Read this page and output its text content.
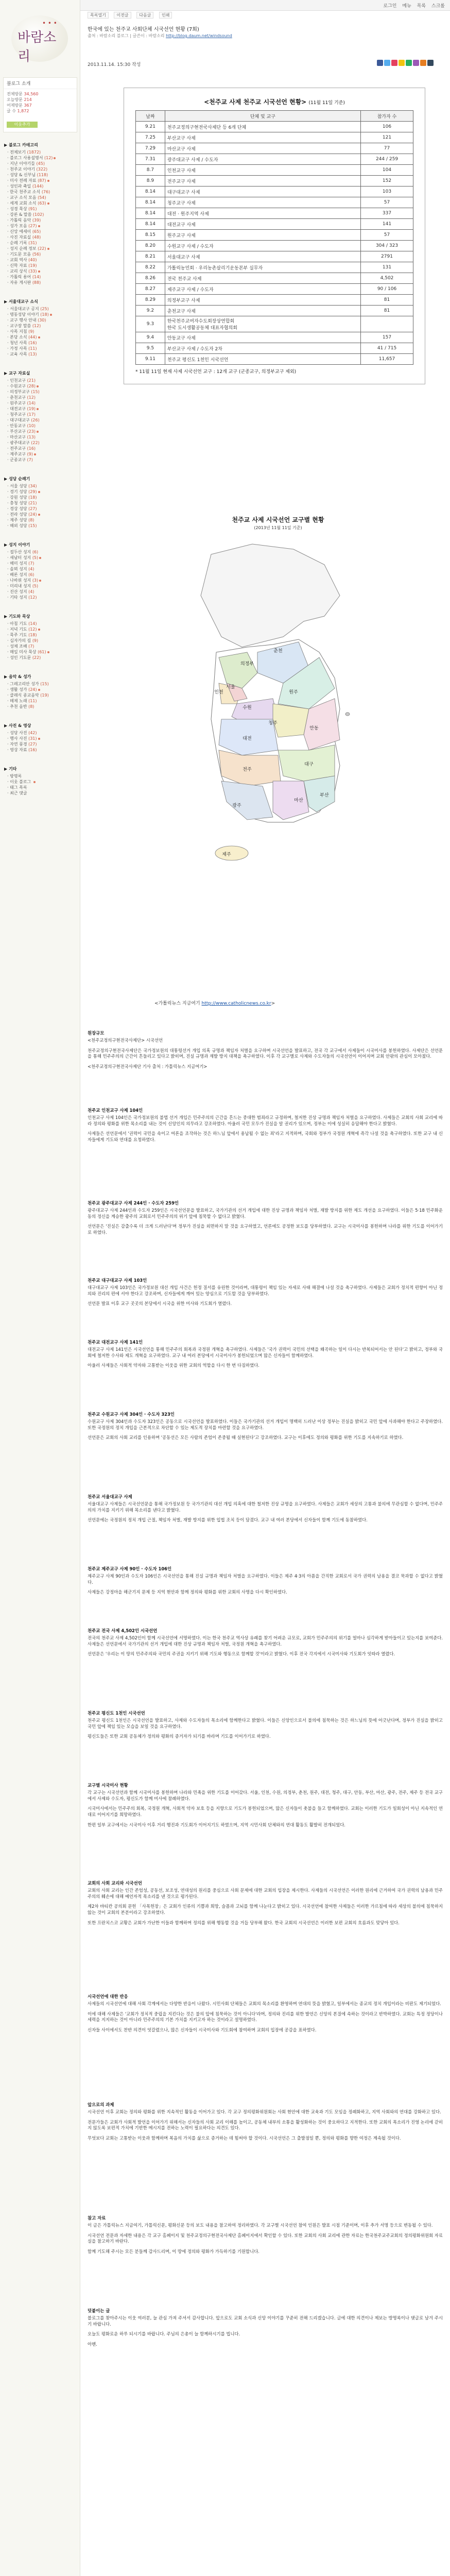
로그인 메뉴 목록 스크롤
바람소리
• • •
블로그 소개
전체방문 34,560
오늘방문 214
어제방문 367
글 수 1,872
이웃추가
▶ 블로그 카테고리
· 전체보기 (1872)
· 블로그 사용설명서 (12)
· 지난 이야기들 (45)
· 천주교 이야기 (322)
· 성당 & 신부님 (118)
· 미사 전례 자료 (87)
· 성인과 축일 (144)
· 한국 천주교 소식 (76)
· 교구 소식 모음 (54)
· 세계 교회 소식 (63)
· 성경 묵상 (91)
· 강론 & 말씀 (102)
· 가톨릭 음악 (39)
· 성가 모음 (27)
· 신앙 에세이 (65)
· 사진 자료실 (48)
· 순례 기록 (31)
· 성지 순례 정보 (22)
· 기도문 모음 (56)
· 교회 역사 (40)
· 신학 자료 (19)
· 교리 상식 (33)
· 가톨릭 용어 (14)
· 자유 게시판 (88)
▶ 서울대교구 소식
· 서울대교구 공지 (25)
· 명동성당 이야기 (18)
· 교구 행사 안내 (30)
· 교구장 말씀 (12)
· 사목 지침 (9)
· 본당 소식 (44)
· 청년 사목 (16)
· 가정 사목 (11)
· 교육 사목 (13)
▶ 교구 자료실
· 인천교구 (21)
· 수원교구 (28)
· 의정부교구 (15)
· 춘천교구 (12)
· 원주교구 (14)
· 대전교구 (19)
· 청주교구 (17)
· 대구대교구 (26)
· 안동교구 (10)
· 부산교구 (23)
· 마산교구 (13)
· 광주대교구 (22)
· 전주교구 (16)
· 제주교구 (9)
· 군종교구 (7)
▶ 성당 순례기
· 서울 성당 (34)
· 경기 성당 (29)
· 강원 성당 (18)
· 충청 성당 (21)
· 경상 성당 (27)
· 전라 성당 (24)
· 제주 성당 (8)
· 해외 성당 (15)
▶ 성지 이야기
· 절두산 성지 (6)
· 새남터 성지 (5)
· 해미 성지 (7)
· 솔뫼 성지 (4)
· 배론 성지 (6)
· 나바위 성지 (3)
· 미리내 성지 (5)
· 진산 성지 (4)
· 기타 성지 (12)
▶ 기도와 묵상
· 아침 기도 (14)
· 저녁 기도 (12)
· 묵주 기도 (18)
· 십자가의 길 (9)
· 성체 조배 (7)
· 매일 미사 묵상 (61)
· 성인 기도문 (22)
▶ 음악 & 성가
· 그레고리안 성가 (15)
· 생활 성가 (24)
· 클래식 종교음악 (19)
· 떼제 노래 (11)
· 추천 음반 (8)
▶ 사진 & 영상
· 성당 사진 (42)
· 행사 사진 (31)
· 자연 풍경 (27)
· 영상 자료 (16)
▶ 기타
· 방명록
· 이웃 블로그
· 태그 목록
· 최근 댓글
목록열기	이전글	다음글	인쇄
한국에 있는 천주교 사회단체 시국선언 현황 (7회)
출처 : 바람소리 블로그 | 글쓴이 : 바람소리 http://blog.daum.net/windsound
2013.11.14. 15:30 작성
<천주교 사제 천주교 시국선언 현황> (11월 11일 기준)
날짜	단체 및 교구	참가자 수
9.21	천주교정의구현전국사제단 등 6개 단체	106
7.25	부산교구 사제	121
7.29	마산교구 사제	77
7.31	광주대교구 사제 / 수도자	244 / 259
8.7	인천교구 사제	104
8.9	전주교구 사제	152
8.14	대구대교구 사제	103
8.14	청주교구 사제	57
8.14	대전 · 원주지역 사제	337
8.14	대전교구 사제	141
8.15	원주교구 사제	57
8.20	수원교구 사제 / 수도자	304 / 323
8.21	서울대교구 사제	2791
8.22	가톨릭농민회 · 우리농촌살리기운동본부 실무자	131
8.26	전국 천주교 사제	4,502
8.27	제주교구 사제 / 수도자	90 / 106
8.29	의정부교구 사제	81
9.2	춘천교구 사제	81
9.3	한국천주교여자수도회장상연합회
한국 도시생활공동체 대표자협의회	
9.4	안동교구 사제	157
9.5	부산교구 사제 / 수도자 2차	41 / 715
9.11	천주교 평신도 1천인 시국선언	11,657
* 11월 11일 현재 사제 시국선언 교구 : 12개 교구 (군종교구, 의정부교구 제외)
천주교 사제 시국선언 교구별 현황
(2013년 11월 11일 기준)
서울
의정부
춘천
인천
수원
원주
대전
청주
안동
대구
전주
광주
마산
부산
제주
<가톨릭뉴스 지금여기 http://www.catholicnews.co.kr>
원장규모

<천주교정의구현전국사제단> 시국선언

천주교정의구현전국사제단은 국가정보원의 대통령선거 개입 의혹 규명과 책임자 처벌을 요구하며 시국선언을 발표하고, 전국 각 교구에서 사제들이 시국미사를 봉헌하였다. 사제단은 선언문을 통해 민주주의의 근간이 흔들리고 있다고 밝히며, 진실 규명과 재발 방지 대책을 촉구하였다. 이후 각 교구별로 사제와 수도자들의 시국선언이 이어지며 교회 안팎의 관심이 모아졌다.

<천주교정의구현전국사제단 기사 출처 : 가톨릭뉴스 지금여기>

천주교 인천교구 사제 104인

인천교구 사제 104인은 국가정보원의 불법 선거 개입은 민주주의의 근간을 흔드는 중대한 범죄라고 규정하며, 철저한 진상 규명과 책임자 처벌을 요구하였다. 사제들은 교회의 사회 교리에 따라 정의와 평화를 위한 목소리를 내는 것이 신앙인의 의무라고 강조하였다. 아울러 국민 모두가 진실을 알 권리가 있으며, 정부는 이에 성실히 응답해야 한다고 밝혔다.

사제들은 선언문에서 '권력이 국민을 속이고 여론을 조작하는 것은 하느님 앞에서 용납될 수 없는 죄'라고 지적하며, 국회와 정부가 국정원 개혁에 즉각 나설 것을 촉구하였다. 또한 교구 내 신자들에게 기도와 연대를 요청하였다.

천주교 광주대교구 사제 244인 · 수도자 259인

광주대교구 사제 244인과 수도자 259인은 시국선언문을 발표하고, 국가기관의 선거 개입에 대한 진상 규명과 책임자 처벌, 재발 방지를 위한 제도 개선을 요구하였다. 이들은 5·18 민주화운동의 정신을 계승한 광주의 교회로서 민주주의의 위기 앞에 침묵할 수 없다고 밝혔다.

선언문은 '진실은 감출수록 더 크게 드러난다'며 정부가 진실을 외면하지 말 것을 요구하였고, 언론에도 공정한 보도를 당부하였다. 교구는 시국미사를 봉헌하며 나라를 위한 기도를 이어가기로 하였다.

천주교 대구대교구 사제 103인

대구대교구 사제 103인은 국가정보원 대선 개입 사건은 헌정 질서를 유린한 것이라며, 대통령이 책임 있는 자세로 사태 해결에 나설 것을 촉구하였다. 사제들은 교회가 정치적 편향이 아닌 정의와 진리의 편에 서야 한다고 강조하며, 신자들에게 깨어 있는 양심으로 기도할 것을 당부하였다.

선언문 발표 이후 교구 곳곳의 본당에서 시국을 위한 미사와 기도회가 열렸다.

천주교 대전교구 사제 141인

대전교구 사제 141인은 시국선언을 통해 민주주의 회복과 국정원 개혁을 촉구하였다. 사제들은 '국가 권력이 국민의 선택을 왜곡하는 일이 다시는 반복되어서는 안 된다'고 밝히고, 정부와 국회에 철저한 수사와 제도 개혁을 요구하였다. 교구 내 여러 본당에서 시국미사가 봉헌되었으며 많은 신자들이 함께하였다.

아울러 사제들은 사회적 약자와 고통받는 이웃을 위한 교회의 역할을 다시 한 번 다짐하였다.

천주교 수원교구 사제 304인 · 수도자 323인

수원교구 사제 304인과 수도자 323인은 공동으로 시국선언을 발표하였다. 이들은 국가기관의 선거 개입이 명백히 드러난 이상 정부는 진실을 밝히고 국민 앞에 사과해야 한다고 주장하였다. 또한 국정원의 정치 개입을 근본적으로 차단할 수 있는 제도적 장치를 마련할 것을 요구하였다.

선언문은 교회의 사회 교리를 인용하며 '공동선은 모든 사람의 존엄이 존중될 때 실현된다'고 강조하였다. 교구는 이후에도 정의와 평화를 위한 기도를 지속하기로 하였다.

천주교 서울대교구 사제

서울대교구 사제들은 시국선언문을 통해 국가정보원 등 국가기관의 대선 개입 의혹에 대한 철저한 진상 규명을 요구하였다. 사제들은 교회가 세상의 고통과 불의에 무관심할 수 없다며, 민주주의의 가치를 지키기 위해 목소리를 낸다고 밝혔다.

선언문에는 국정원의 정치 개입 근절, 책임자 처벌, 재발 방지를 위한 입법 조치 등이 담겼다. 교구 내 여러 본당에서 신자들이 함께 기도에 동참하였다.

천주교 제주교구 사제 90인 · 수도자 106인

제주교구 사제 90인과 수도자 106인은 시국선언을 통해 진실 규명과 책임자 처벌을 요구하였다. 이들은 제주 4·3의 아픔을 간직한 교회로서 국가 권력의 남용을 결코 묵과할 수 없다고 밝혔다.

사제들은 강정마을 해군기지 문제 등 지역 현안과 함께 정의와 평화를 위한 교회의 사명을 다시 확인하였다.

천주교 전국 사제 4,502인 시국선언

전국의 천주교 사제 4,502인이 함께 시국선언에 서명하였다. 이는 한국 천주교 역사상 유례를 찾기 어려운 규모로, 교회가 민주주의의 위기를 얼마나 심각하게 받아들이고 있는지를 보여준다. 사제들은 선언문에서 국가기관의 선거 개입에 대한 진상 규명과 책임자 처벌, 국정원 개혁을 촉구하였다.

선언문은 '우리는 이 땅의 민주주의와 국민의 주권을 지키기 위해 기도와 행동으로 함께할 것'이라고 밝혔다. 이후 전국 각지에서 시국미사와 기도회가 잇따라 열렸다.

천주교 평신도 1천인 시국선언

천주교 평신도 1천인은 시국선언을 발표하고, 사제와 수도자들의 목소리에 함께한다고 밝혔다. 이들은 신앙인으로서 불의에 침묵하는 것은 하느님의 뜻에 어긋난다며, 정부가 진실을 밝히고 국민 앞에 책임 있는 모습을 보일 것을 요구하였다.

평신도들은 또한 교회 공동체가 정의와 평화의 증거자가 되기를 바라며 기도를 이어가기로 하였다.

교구별 시국미사 현황

각 교구는 시국선언과 함께 시국미사를 봉헌하며 나라와 민족을 위한 기도를 이어갔다. 서울, 인천, 수원, 의정부, 춘천, 원주, 대전, 청주, 대구, 안동, 부산, 마산, 광주, 전주, 제주 등 전국 교구에서 사제와 수도자, 평신도가 함께 미사에 참례하였다.

시국미사에서는 민주주의 회복, 국정원 개혁, 사회적 약자 보호 등을 지향으로 기도가 봉헌되었으며, 많은 신자들이 촛불을 들고 함께하였다. 교회는 이러한 기도가 일회성이 아닌 지속적인 연대로 이어지기를 희망하였다.

한편 일부 교구에서는 시국미사 이후 거리 행진과 기도회가 이어지기도 하였으며, 지역 시민사회 단체와의 연대 활동도 활발히 전개되었다.

교회의 사회 교리와 시국선언

교회의 사회 교리는 인간 존엄성, 공동선, 보조성, 연대성의 원리를 중심으로 사회 문제에 대한 교회의 입장을 제시한다. 사제들의 시국선언은 이러한 원리에 근거하여 국가 권력의 남용과 민주주의의 훼손에 대해 예언자적 목소리를 낸 것으로 평가된다.

제2차 바티칸 공의회 문헌 「사목헌장」은 교회가 인류의 기쁨과 희망, 슬픔과 고뇌를 함께 나눈다고 밝히고 있다. 시국선언에 참여한 사제들은 이러한 가르침에 따라 세상의 불의에 침묵하지 않는 것이 교회의 본분이라고 강조하였다.

또한 프란치스코 교황은 교회가 가난한 이들과 함께하며 정의를 위해 행동할 것을 거듭 당부해 왔다. 한국 교회의 시국선언은 이러한 보편 교회의 흐름과도 맞닿아 있다.

시국선언에 대한 반응

사제들의 시국선언에 대해 사회 각계에서는 다양한 반응이 나왔다. 시민사회 단체들은 교회의 목소리를 환영하며 연대의 뜻을 밝혔고, 일부에서는 종교의 정치 개입이라는 비판도 제기되었다.

이에 대해 사제들은 '교회가 정치적 중립을 지킨다는 것은 불의 앞에 침묵하는 것이 아니다'라며, 정의와 진리를 위한 발언은 신앙의 본질에 속하는 것이라고 반박하였다. 교회는 특정 정당이나 세력을 지지하는 것이 아니라 민주주의의 기본 가치를 지키고자 하는 것이라고 설명하였다.

신자들 사이에서도 찬반 의견이 엇갈렸으나, 많은 신자들이 시국미사와 기도회에 참여하며 교회의 입장에 공감을 표하였다.

앞으로의 과제

시국선언 이후 교회는 정의와 평화를 위한 지속적인 활동을 이어가고 있다. 각 교구 정의평화위원회는 사회 현안에 대한 교육과 기도 모임을 정례화하고, 지역 사회와의 연대를 강화하고 있다.

전문가들은 교회가 사회적 발언을 이어가기 위해서는 신자들의 사회 교리 이해를 높이고, 공동체 내부의 소통을 활성화하는 것이 중요하다고 지적한다. 또한 교회의 목소리가 진영 논리에 갇히지 않도록 보편적 가치에 기반한 메시지를 전하는 노력이 필요하다는 의견도 있다.

무엇보다 교회는 고통받는 이웃과 함께하며 복음의 가치를 삶으로 증거하는 데 힘써야 할 것이다. 시국선언은 그 출발점일 뿐, 정의와 평화를 향한 여정은 계속될 것이다.

참고 자료

이 글은 가톨릭뉴스 지금여기, 가톨릭신문, 평화신문 등의 보도 내용을 참고하여 정리하였다. 각 교구별 시국선언 참여 인원은 발표 시점 기준이며, 이후 추가 서명 등으로 변동될 수 있다.

시국선언 전문과 자세한 내용은 각 교구 홈페이지 및 천주교정의구현전국사제단 홈페이지에서 확인할 수 있다. 또한 교회의 사회 교리에 관한 자료는 한국천주교주교회의 정의평화위원회 자료실을 참고하기 바란다.

함께 기도해 주시는 모든 분들께 감사드리며, 이 땅에 정의와 평화가 가득하기를 기원합니다.

덧붙이는 글

블로그를 찾아주시는 이웃 여러분, 늘 관심 가져 주셔서 감사합니다. 앞으로도 교회 소식과 신앙 이야기를 꾸준히 전해 드리겠습니다. 글에 대한 의견이나 제보는 방명록이나 댓글로 남겨 주시기 바랍니다.

오늘도 평화로운 하루 되시기를 바랍니다. 주님의 은총이 늘 함께하시기를 빕니다.

아멘.
